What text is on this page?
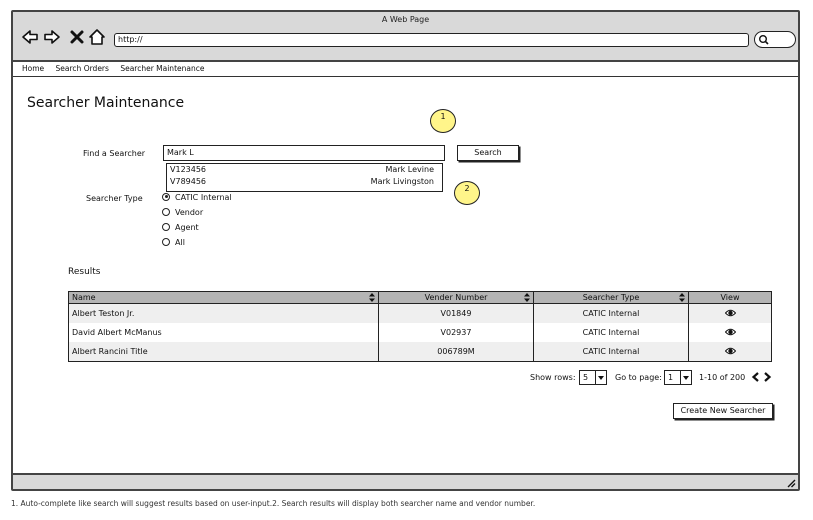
A Web Page
http://
Home Search Orders Searcher Maintenance
Searcher Maintenance
Find a Searcher	Mark L	Search
V123456	Mark Levine
V789456	Mark Livingston
1
2
Searcher Type	CATIC Internal
Vendor
Agent
All
Results
Name	Vender Number	Searcher Type	View
Albert Teston Jr.	V01849	CATIC Internal	
David Albert McManus	V02937	CATIC Internal	
Albert Rancini Title	006789M	CATIC Internal	
Show rows: 5	Go to page: 1	1-10 of 200
Create New Searcher
1. Auto-complete like search will suggest results based on user-input.2. Search results will display both searcher name and vendor number.
